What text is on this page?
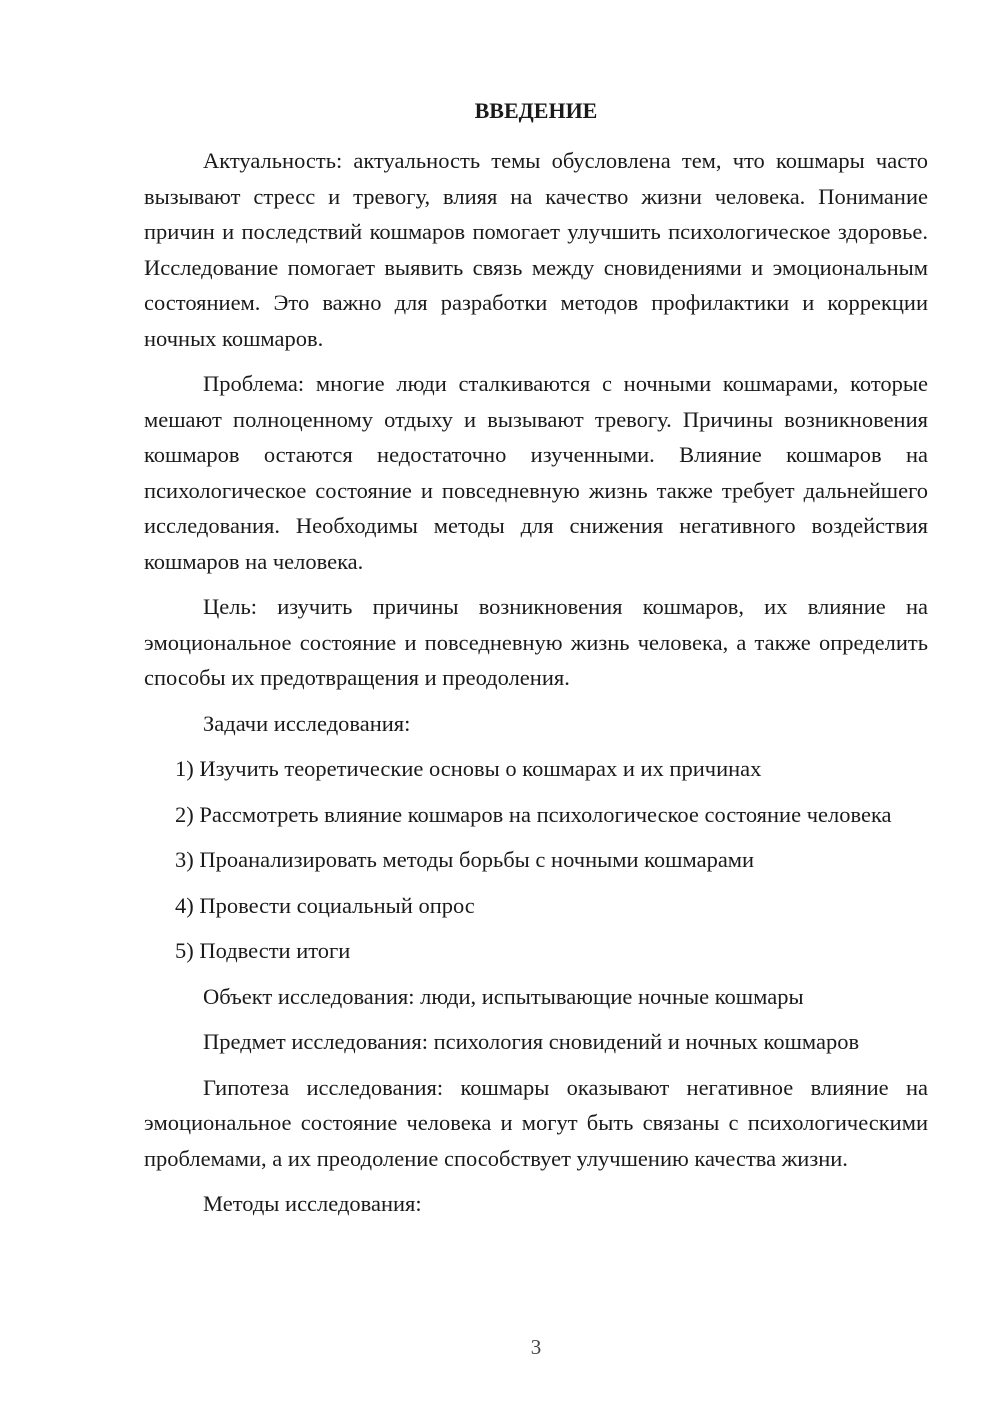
ВВЕДЕНИЕ

Актуальность: актуальность темы обусловлена тем, что кошмары часто вызывают стресс и тревогу, влияя на качество жизни человека. Понимание причин и последствий кошмаров помогает улучшить психологическое здоровье. Исследование помогает выявить связь между сновидениями и эмоциональным состоянием. Это важно для разработки методов профилактики и коррекции ночных кошмаров.

Проблема: многие люди сталкиваются с ночными кошмарами, которые мешают полноценному отдыху и вызывают тревогу. Причины возникновения кошмаров остаются недостаточно изученными. Влияние кошмаров на психологическое состояние и повседневную жизнь также требует дальнейшего исследования. Необходимы методы для снижения негативного воздействия кошмаров на человека.

Цель: изучить причины возникновения кошмаров, их влияние на эмоциональное состояние и повседневную жизнь человека, а также определить способы их предотвращения и преодоления.

Задачи исследования:

1) Изучить теоретические основы о кошмарах и их причинах

2) Рассмотреть влияние кошмаров на психологическое состояние человека

3) Проанализировать методы борьбы с ночными кошмарами

4) Провести социальный опрос

5) Подвести итоги

Объект исследования: люди, испытывающие ночные кошмары

Предмет исследования: психология сновидений и ночных кошмаров

Гипотеза исследования: кошмары оказывают негативное влияние на эмоциональное состояние человека и могут быть связаны с психологическими проблемами, а их преодоление способствует улучшению качества жизни.

Методы исследования:

3
